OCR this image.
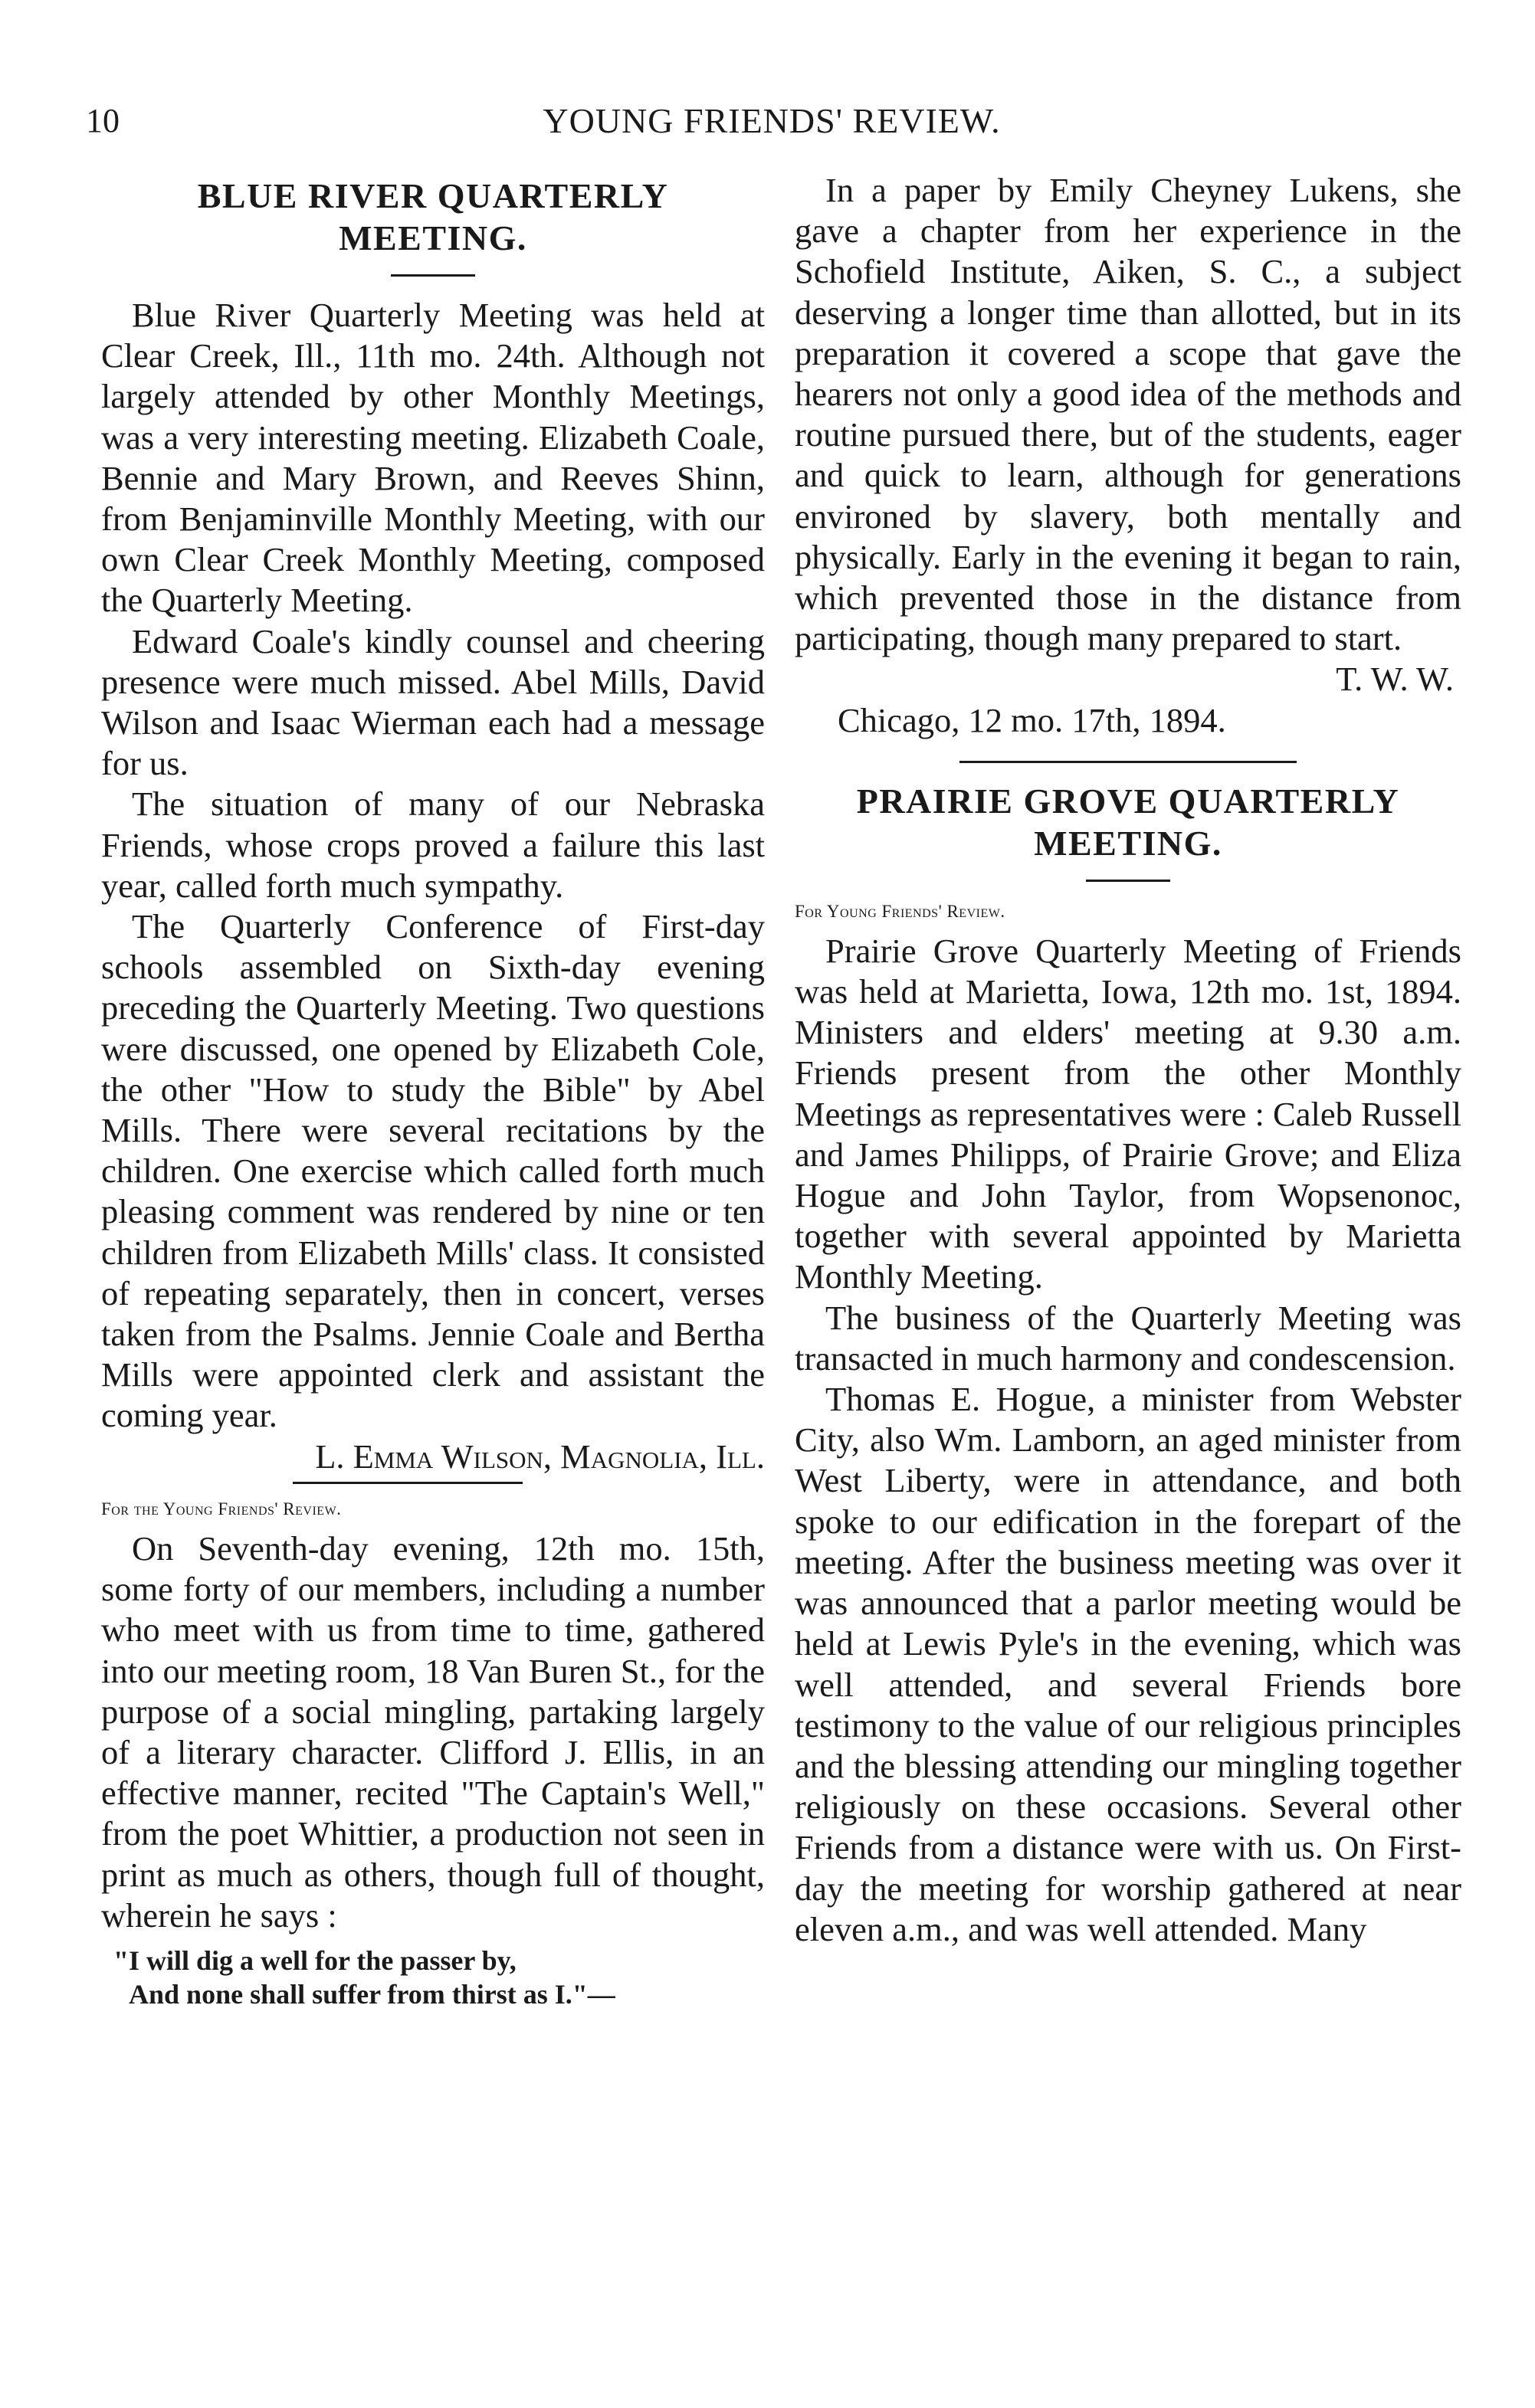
10	YOUNG FRIENDS' REVIEW.
BLUE RIVER QUARTERLY MEETING.

Blue River Quarterly Meeting was held at Clear Creek, Ill., 11th mo. 24th. Although not largely attended by other Monthly Meetings, was a very interesting meeting. Elizabeth Coale, Bennie and Mary Brown, and Reeves Shinn, from Benjaminville Monthly Meeting, with our own Clear Creek Monthly Meeting, composed the Quarterly Meeting.

Edward Coale's kindly counsel and cheering presence were much missed. Abel Mills, David Wilson and Isaac Wierman each had a message for us.

The situation of many of our Nebraska Friends, whose crops proved a failure this last year, called forth much sympathy.

The Quarterly Conference of First-day schools assembled on Sixth-day evening preceding the Quarterly Meeting. Two questions were discussed, one opened by Elizabeth Cole, the other "How to study the Bible" by Abel Mills. There were several recitations by the children. One exercise which called forth much pleasing comment was rendered by nine or ten children from Elizabeth Mills' class. It consisted of repeating separately, then in concert, verses taken from the Psalms. Jennie Coale and Bertha Mills were appointed clerk and assistant the coming year.

L. Emma Wilson, Magnolia, Ill.

For the Young Friends' Review.

On Seventh-day evening, 12th mo. 15th, some forty of our members, including a number who meet with us from time to time, gathered into our meeting room, 18 Van Buren St., for the purpose of a social mingling, partaking largely of a literary character. Clifford J. Ellis, in an effective manner, recited "The Captain's Well," from the poet Whittier, a production not seen in print as much as others, though full of thought, wherein he says :

"I will dig a well for the passer by,
And none shall suffer from thirst as I."—

In a paper by Emily Cheyney Lukens, she gave a chapter from her experience in the Schofield Institute, Aiken, S. C., a subject deserving a longer time than allotted, but in its preparation it covered a scope that gave the hearers not only a good idea of the methods and routine pursued there, but of the students, eager and quick to learn, although for generations environed by slavery, both mentally and physically. Early in the evening it began to rain, which prevented those in the distance from participating, though many prepared to start.

T. W. W.

Chicago, 12 mo. 17th, 1894.

PRAIRIE GROVE QUARTERLY MEETING.

For Young Friends' Review.

Prairie Grove Quarterly Meeting of Friends was held at Marietta, Iowa, 12th mo. 1st, 1894. Ministers and elders' meeting at 9.30 a.m. Friends present from the other Monthly Meetings as representatives were : Caleb Russell and James Philipps, of Prairie Grove; and Eliza Hogue and John Taylor, from Wopsenonoc, together with several appointed by Marietta Monthly Meeting.

The business of the Quarterly Meeting was transacted in much harmony and condescension.

Thomas E. Hogue, a minister from Webster City, also Wm. Lamborn, an aged minister from West Liberty, were in attendance, and both spoke to our edification in the forepart of the meeting. After the business meeting was over it was announced that a parlor meeting would be held at Lewis Pyle's in the evening, which was well attended, and several Friends bore testimony to the value of our religious principles and the blessing attending our mingling together religiously on these occasions. Several other Friends from a distance were with us. On First-day the meeting for worship gathered at near eleven a.m., and was well attended. Many
